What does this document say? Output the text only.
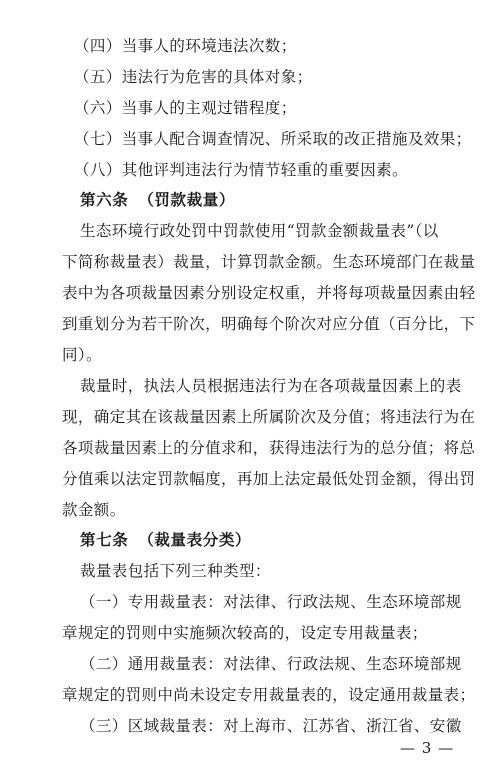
（四）当事人的环境违法次数；
（五）违法行为危害的具体对象；
（六）当事人的主观过错程度；
（七）当事人配合调查情况、所采取的改正措施及效果；
（八）其他评判违法行为情节轻重的重要因素。
第六条 （罚款裁量）
生态环境行政处罚中罚款使用“罚款金额裁量表”（以
下简称裁量表）裁量，计算罚款金额。生态环境部门在裁量
表中为各项裁量因素分别设定权重，并将每项裁量因素由轻
到重划分为若干阶次，明确每个阶次对应分值（百分比，下
同）。
裁量时，执法人员根据违法行为在各项裁量因素上的表
现，确定其在该裁量因素上所属阶次及分值；将违法行为在
各项裁量因素上的分值求和，获得违法行为的总分值；将总
分值乘以法定罚款幅度，再加上法定最低处罚金额，得出罚
款金额。
第七条 （裁量表分类）
裁量表包括下列三种类型：
（一）专用裁量表：对法律、行政法规、生态环境部规
章规定的罚则中实施频次较高的，设定专用裁量表；
（二）通用裁量表：对法律、行政法规、生态环境部规
章规定的罚则中尚未设定专用裁量表的，设定通用裁量表；
（三）区域裁量表：对上海市、江苏省、浙江省、安徽
— 3 —
